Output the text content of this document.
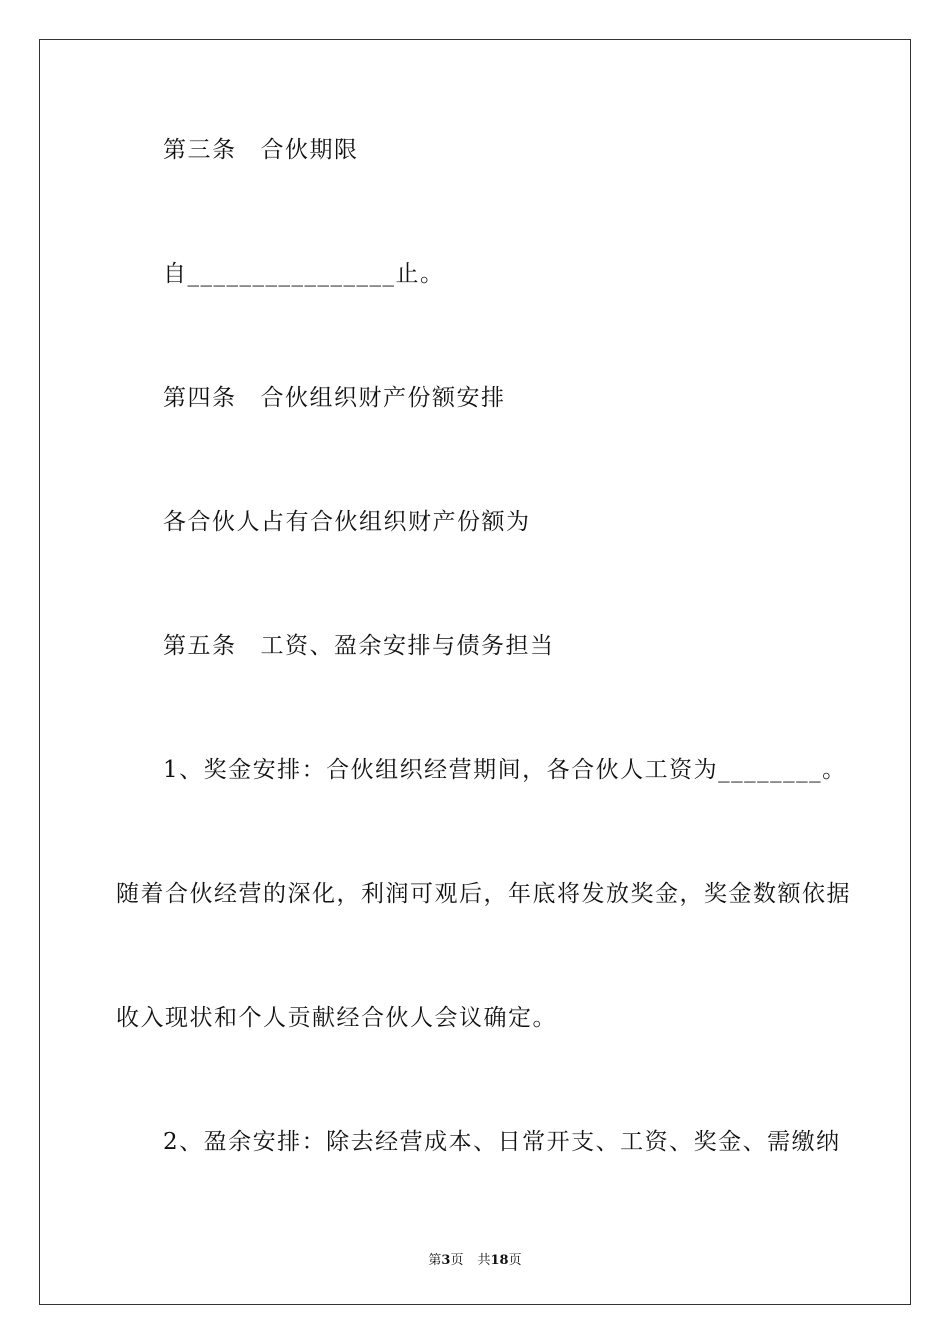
第三条 合伙期限
自________________止。
第四条 合伙组织财产份额安排
各合伙人占有合伙组织财产份额为
第五条 工资、盈余安排与债务担当
1、奖金安排：合伙组织经营期间，各合伙人工资为________。
随着合伙经营的深化，利润可观后，年底将发放奖金，奖金数额依据
收入现状和个人贡献经合伙人会议确定。
2、盈余安排：除去经营成本、日常开支、工资、奖金、需缴纳
第3页 共18页
